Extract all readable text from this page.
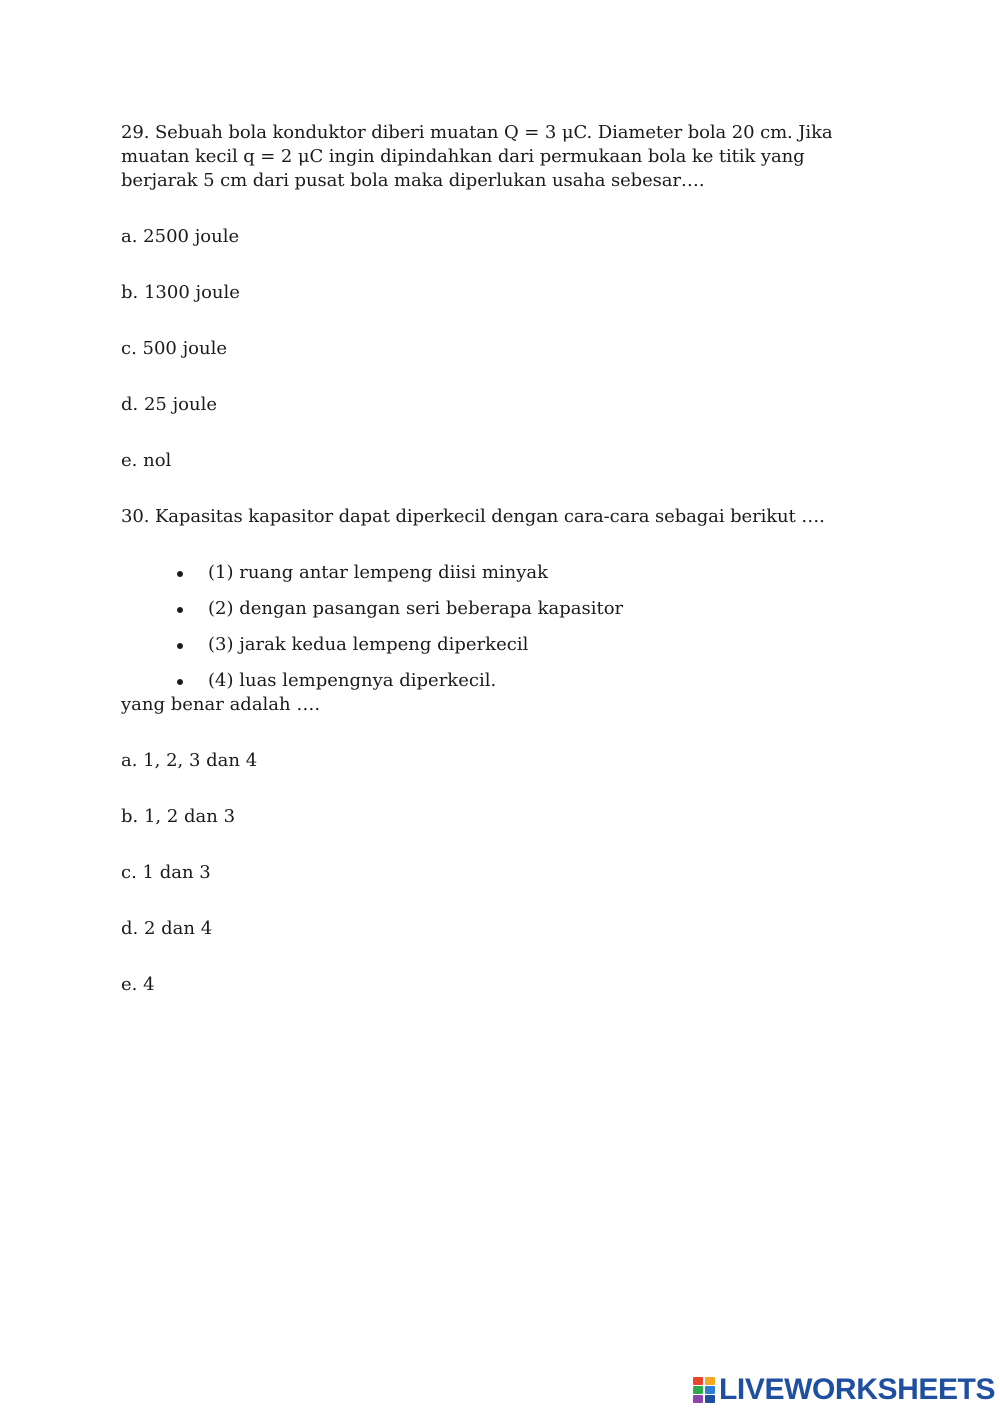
29. Sebuah bola konduktor diberi muatan Q = 3 μC. Diameter bola 20 cm. Jika muatan kecil q = 2 μC ingin dipindahkan dari permukaan bola ke titik yang berjarak 5 cm dari pusat bola maka diperlukan usaha sebesar….

a. 2500 joule

b. 1300 joule

c. 500 joule

d. 25 joule

e. nol

30. Kapasitas kapasitor dapat diperkecil dengan cara-cara sebagai berikut ….

(1) ruang antar lempeng diisi minyak
(2) dengan pasangan seri beberapa kapasitor
(3) jarak kedua lempeng diperkecil
(4) luas lempengnya diperkecil.

yang benar adalah ….

a. 1, 2, 3 dan 4

b. 1, 2 dan 3

c. 1 dan 3

d. 2 dan 4

e. 4

LIVEWORKSHEETS
